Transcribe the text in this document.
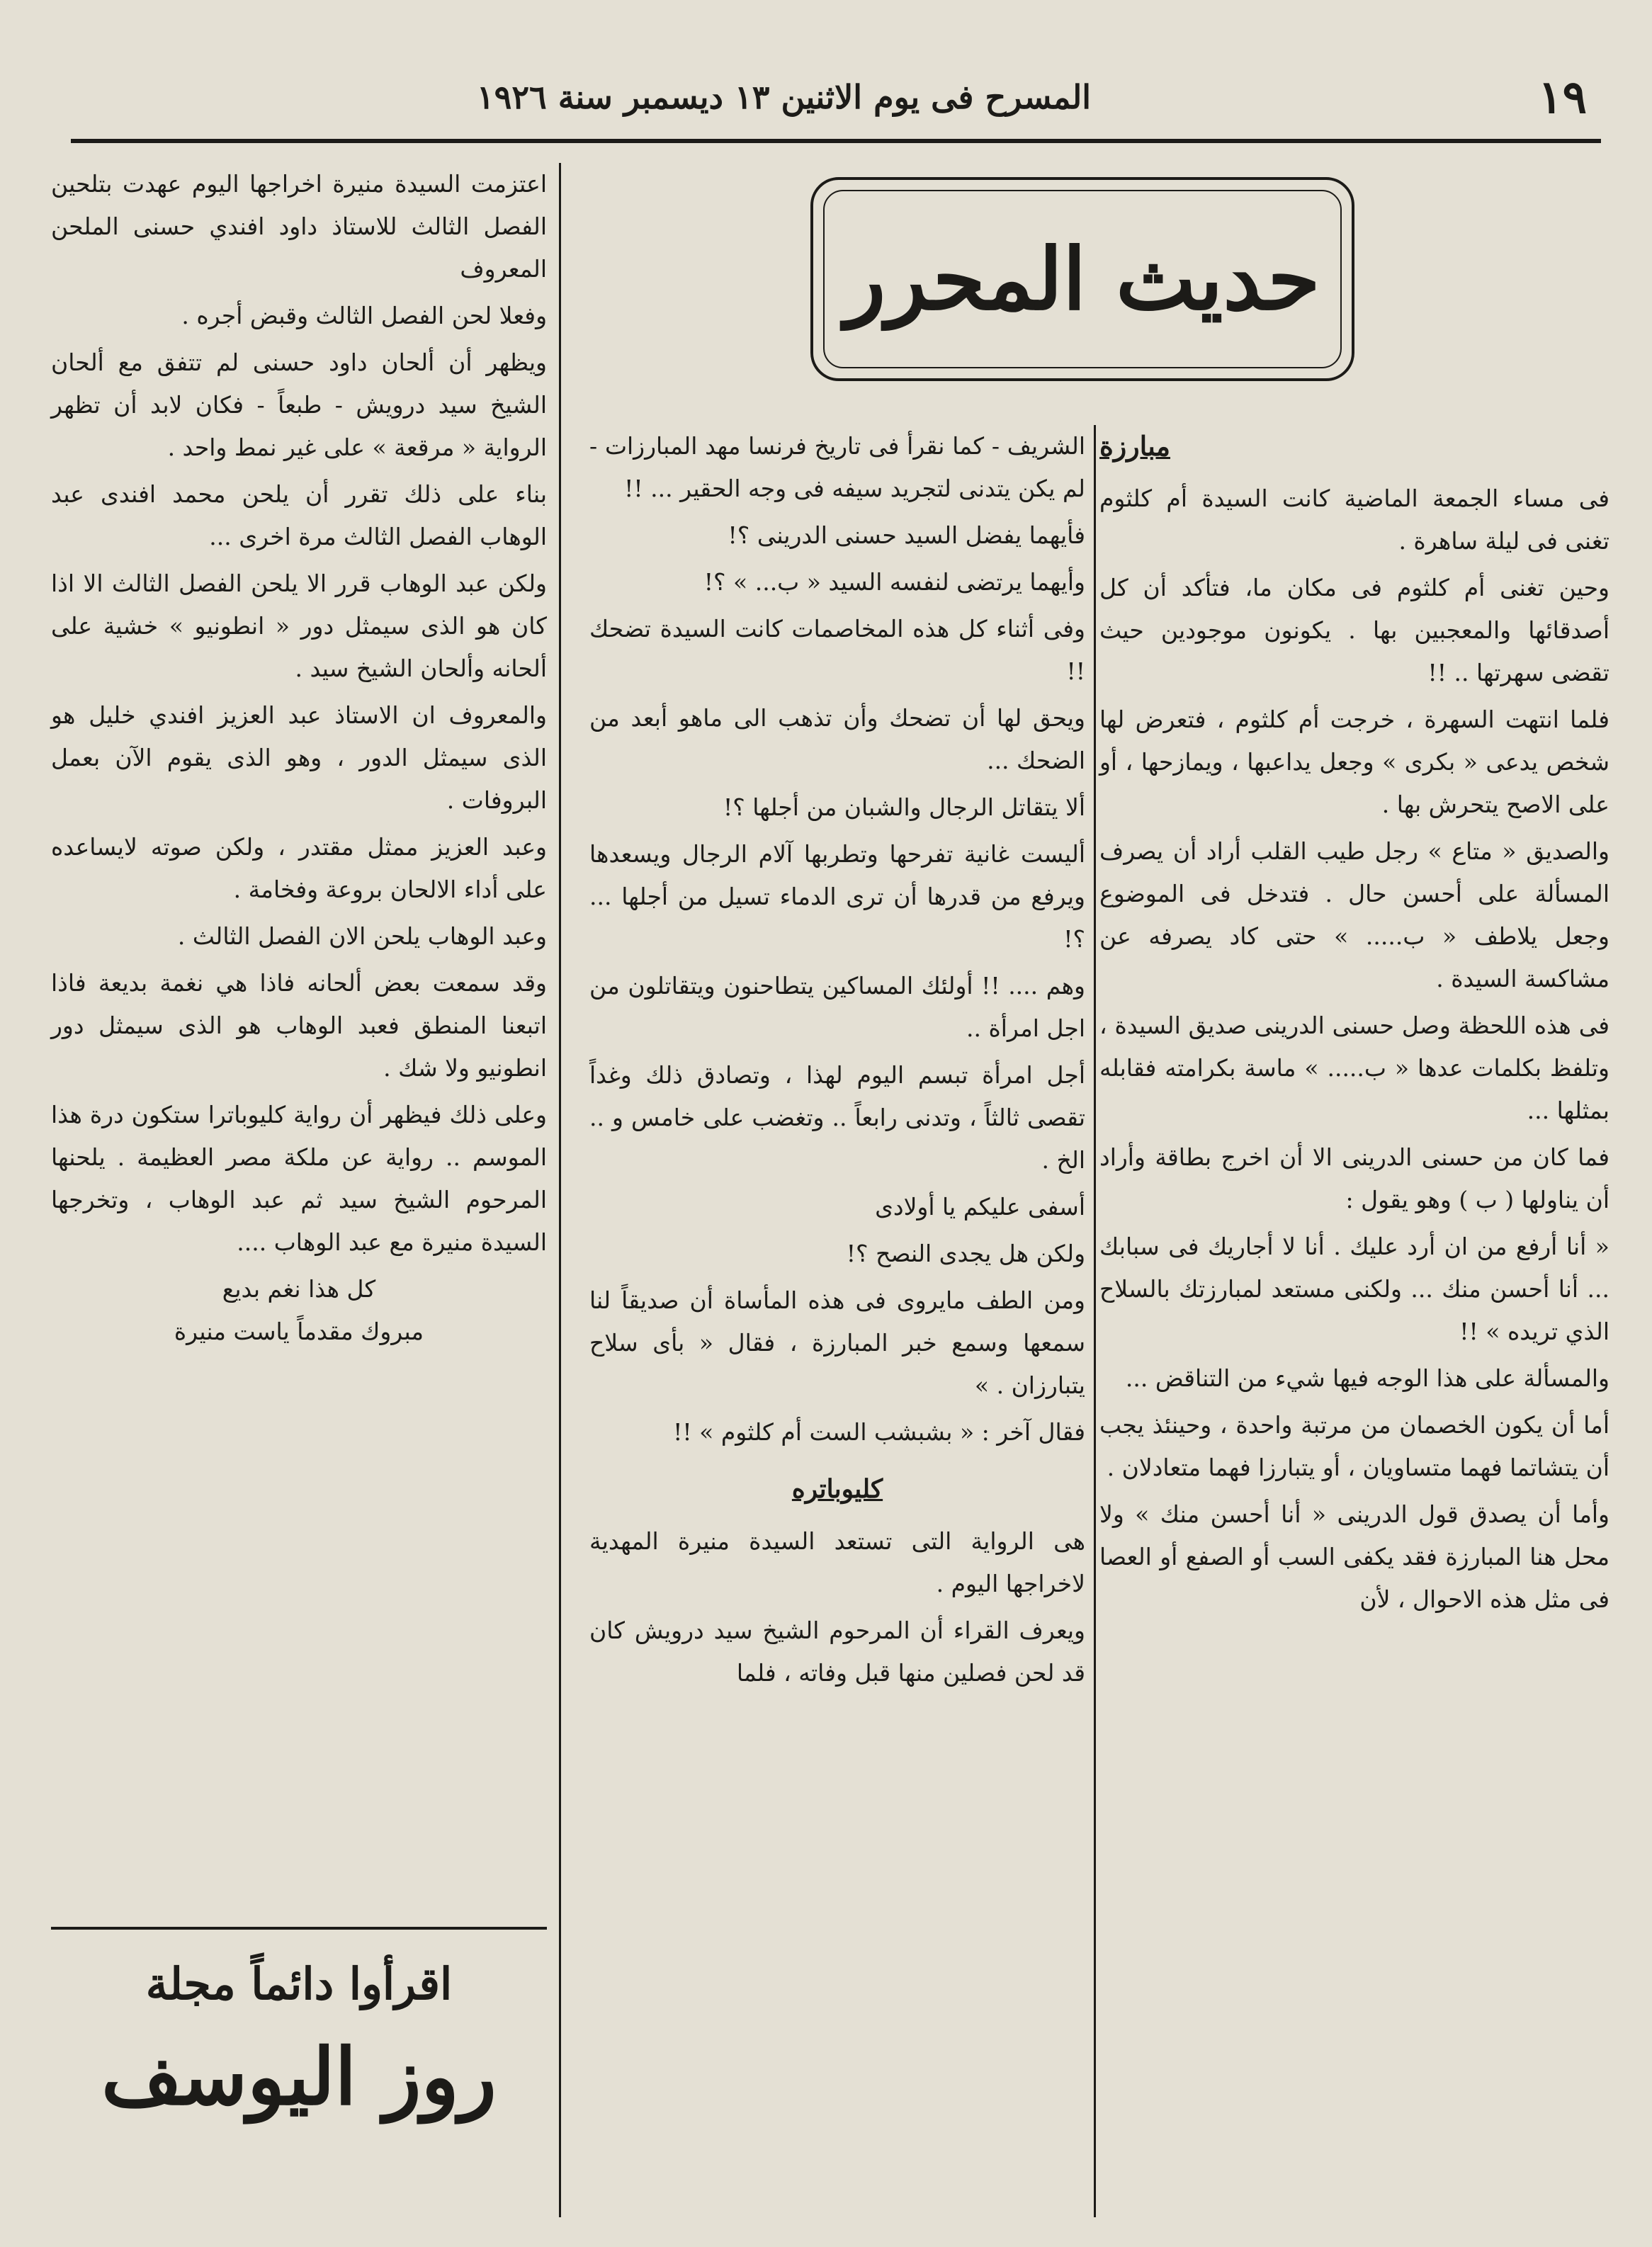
١٩
المسرح فى يوم الاثنين ١٣ ديسمبر سنة ١٩٢٦
حديث المحرر

مبارزة

فى مساء الجمعة الماضية كانت السيدة أم كلثوم تغنى فى ليلة ساهرة .

وحين تغنى أم كلثوم فى مكان ما، فتأكد أن كل أصدقائها والمعجبين بها . يكونون موجودين حيث تقضى سهرتها .. !!

فلما انتهت السهرة ، خرجت أم كلثوم ، فتعرض لها شخص يدعى « بكرى » وجعل يداعبها ، ويمازحها ، أو على الاصح يتحرش بها .

والصديق « متاع » رجل طيب القلب أراد أن يصرف المسألة على أحسن حال . فتدخل فى الموضوع وجعل يلاطف « ب..... » حتى كاد يصرفه عن مشاكسة السيدة .

فى هذه اللحظة وصل حسنى الدرينى صديق السيدة ، وتلفظ بكلمات عدها « ب..... » ماسة بكرامته فقابله بمثلها ...

فما كان من حسنى الدرينى الا أن اخرج بطاقة وأراد أن يناولها ( ب ) وهو يقول :

« أنا أرفع من ان أرد عليك . أنا لا أجاريك فى سبابك ... أنا أحسن منك ... ولكنى مستعد لمبارزتك بالسلاح الذي تريده » !!

والمسألة على هذا الوجه فيها شيء من التناقض ...

أما أن يكون الخصمان من مرتبة واحدة ، وحينئذ يجب أن يتشاتما فهما متساويان ، أو يتبارزا فهما متعادلان .

وأما أن يصدق قول الدرينى « أنا أحسن منك » ولا محل هنا المبارزة فقد يكفى السب أو الصفع أو العصا فى مثل هذه الاحوال ، لأن

الشريف - كما نقرأ فى تاريخ فرنسا مهد المبارزات - لم يكن يتدنى لتجريد سيفه فى وجه الحقير ... !!

فأيهما يفضل السيد حسنى الدرينى ؟!

وأيهما يرتضى لنفسه السيد « ب... » ؟!

وفى أثناء كل هذه المخاصمات كانت السيدة تضحك !!

ويحق لها أن تضحك وأن تذهب الى ماهو أبعد من الضحك ...

ألا يتقاتل الرجال والشبان من أجلها ؟!

أليست غانية تفرحها وتطربها آلام الرجال ويسعدها ويرفع من قدرها أن ترى الدماء تسيل من أجلها ... ؟!

وهم .... !! أولئك المساكين يتطاحنون ويتقاتلون من اجل امرأة ..

أجل امرأة تبسم اليوم لهذا ، وتصادق ذلك وغداً تقصى ثالثاً ، وتدنى رابعاً .. وتغضب على خامس و .. الخ .

أسفى عليكم يا أولادى

ولكن هل يجدى النصح ؟!

ومن الطف مايروى فى هذه المأساة أن صديقاً لنا سمعها وسمع خبر المبارزة ، فقال « بأى سلاح يتبارزان . »

فقال آخر : « بشبشب الست أم كلثوم » !!

كليوباتره

هى الرواية التى تستعد السيدة منيرة المهدية لاخراجها اليوم .

ويعرف القراء أن المرحوم الشيخ سيد درويش كان قد لحن فصلين منها قبل وفاته ، فلما

اعتزمت السيدة منيرة اخراجها اليوم عهدت بتلحين الفصل الثالث للاستاذ داود افندي حسنى الملحن المعروف

وفعلا لحن الفصل الثالث وقبض أجره .

ويظهر أن ألحان داود حسنى لم تتفق مع ألحان الشيخ سيد درويش - طبعاً - فكان لابد أن تظهر الرواية « مرقعة » على غير نمط واحد .

بناء على ذلك تقرر أن يلحن محمد افندى عبد الوهاب الفصل الثالث مرة اخرى ...

ولكن عبد الوهاب قرر الا يلحن الفصل الثالث الا اذا كان هو الذى سيمثل دور « انطونيو » خشية على ألحانه وألحان الشيخ سيد .

والمعروف ان الاستاذ عبد العزيز افندي خليل هو الذى سيمثل الدور ، وهو الذى يقوم الآن بعمل البروفات .

وعبد العزيز ممثل مقتدر ، ولكن صوته لايساعده على أداء الالحان بروعة وفخامة .

وعبد الوهاب يلحن الان الفصل الثالث .

وقد سمعت بعض ألحانه فاذا هي نغمة بديعة فاذا اتبعنا المنطق فعبد الوهاب هو الذى سيمثل دور انطونيو ولا شك .

وعلى ذلك فيظهر أن رواية كليوباترا ستكون درة هذا الموسم .. رواية عن ملكة مصر العظيمة . يلحنها المرحوم الشيخ سيد ثم عبد الوهاب ، وتخرجها السيدة منيرة مع عبد الوهاب ....

كل هذا نغم بديع

مبروك مقدماً ياست منيرة

اقرأوا دائماً مجلة
روز اليوسف
